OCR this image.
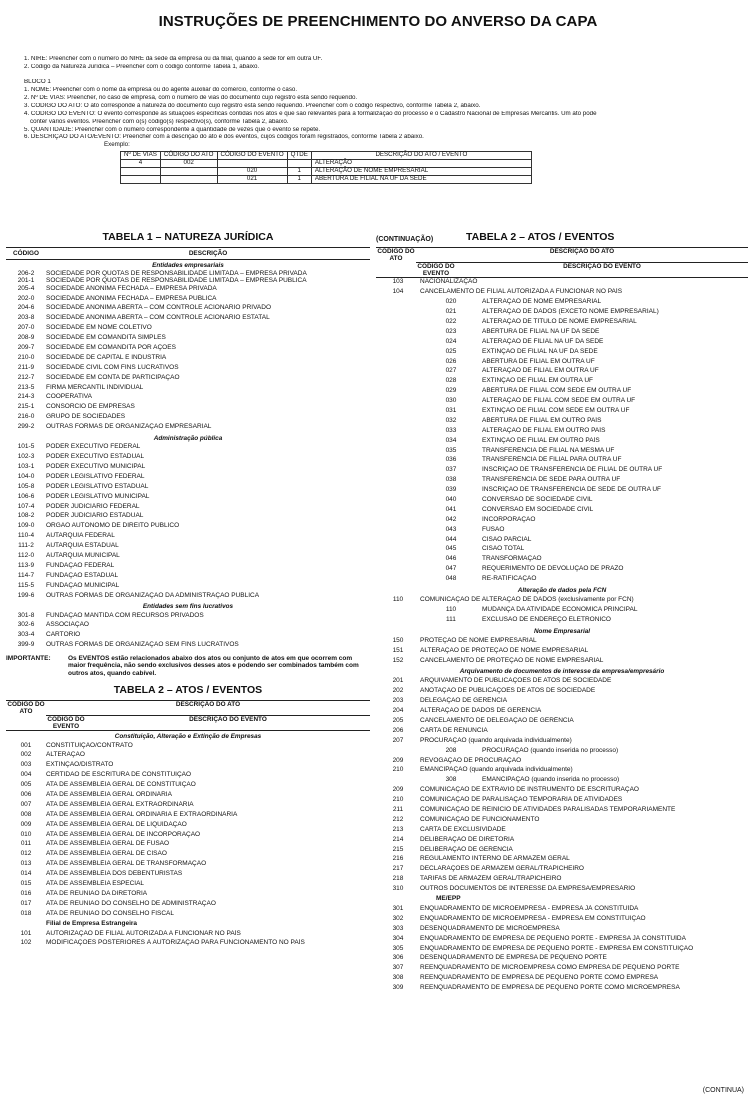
INSTRUÇÕES DE PREENCHIMENTO DO ANVERSO DA CAPA

1. NIRE: Preencher com o número do NIRE da sede da empresa ou da filial, quando a sede for em outra UF.

2. Código da Natureza Jurídica – Preencher com o código conforme Tabela 1, abaixo.

BLOCO 1

1. NOME: Preencher com o nome da empresa ou do agente auxiliar do comércio, conforme o caso.

2. Nº DE VIAS: Preencher, no caso de empresa, com o número de vias do documento cujo registro está sendo requerido.

3. CÓDIGO DO ATO: O ato corresponde à natureza do documento cujo registro está sendo requerido. Preencher com o código respectivo, conforme Tabela 2, abaixo.

4. CÓDIGO DO EVENTO: O evento corresponde às situações específicas contidas nos atos e que são relevantes para a formalização do processo e o Cadastro Nacional de Empresas Mercantis. Um ato pode

conter vários eventos. Preencher com o(s) código(s) respectivo(s), conforme Tabela 2, abaixo.

5. QUANTIDADE: Preencher com o número correspondente à quantidade de vezes que o evento se repete.

6. DESCRIÇÃO DO ATO/EVENTO: Preencher com a descrição do ato e dos eventos, cujos códigos foram registrados, conforme Tabela 2 abaixo.

Exemplo:
Nº DE VIAS	CÓDIGO DO ATO	CÓDIGO DO EVENTO	QTDE	DESCRIÇÃO DO ATO / EVENTO
4	002			ALTERAÇÃO
		020	1	ALTERAÇÃO DE NOME EMPRESARIAL
		021	1	ABERTURA DE FILIAL NA UF DA SEDE
TABELA 1 – NATUREZA JURÍDICA
CÓDIGO	DESCRIÇÃO
Entidades empresariais
206-2	SOCIEDADE POR QUOTAS DE RESPONSABILIDADE LIMITADA – EMPRESA PRIVADA
201-1	SOCIEDADE POR QUOTAS DE RESPONSABILIDADE LIMITADA – EMPRESA PÚBLICA
205-4	SOCIEDADE ANÔNIMA FECHADA – EMPRESA PRIVADA
202-0	SOCIEDADE ANÔNIMA FECHADA – EMPRESA PÚBLICA
204-6	SOCIEDADE ANÔNIMA ABERTA – COM CONTROLE ACIONÁRIO PRIVADO
203-8	SOCIEDADE ANÔNIMA ABERTA – COM CONTROLE ACIONÁRIO ESTATAL
207-0	SOCIEDADE EM NOME COLETIVO
208-9	SOCIEDADE EM COMANDITA SIMPLES
209-7	SOCIEDADE EM COMANDITA POR AÇÕES
210-0	SOCIEDADE DE CAPITAL E INDÚSTRIA
211-9	SOCIEDADE CIVIL COM FINS LUCRATIVOS
212-7	SOCIEDADE EM CONTA DE PARTICIPAÇÃO
213-5	FIRMA MERCANTIL INDIVIDUAL
214-3	COOPERATIVA
215-1	CONSÓRCIO DE EMPRESAS
216-0	GRUPO DE SOCIEDADES
299-2	OUTRAS FORMAS DE ORGANIZAÇÃO EMPRESARIAL
Administração pública
101-5	PODER EXECUTIVO FEDERAL
102-3	PODER EXECUTIVO ESTADUAL
103-1	PODER EXECUTIVO MUNICIPAL
104-0	PODER LEGISLATIVO FEDERAL
105-8	PODER LEGISLATIVO ESTADUAL
106-6	PODER LEGISLATIVO MUNICIPAL
107-4	PODER JUDICIÁRIO FEDERAL
108-2	PODER JUDICIÁRIO ESTADUAL
109-0	ÓRGÃO AUTÔNOMO DE DIREITO PÚBLICO
110-4	AUTARQUIA FEDERAL
111-2	AUTARQUIA ESTADUAL
112-0	AUTARQUIA MUNICIPAL
113-9	FUNDAÇÃO FEDERAL
114-7	FUNDAÇÃO ESTADUAL
115-5	FUNDAÇÃO MUNICIPAL
199-6	OUTRAS FORMAS DE ORGANIZAÇÃO DA ADMINISTRAÇÃO PÚBLICA
Entidades sem fins lucrativos
301-8	FUNDAÇÃO MANTIDA COM RECURSOS PRIVADOS
302-6	ASSOCIAÇÃO
303-4	CARTÓRIO
399-9	OUTRAS FORMAS DE ORGANIZAÇÃO SEM FINS LUCRATIVOS
IMPORTANTE:	Os EVENTOS estão relacionados abaixo dos atos ou conjunto de atos em que ocorrem com maior frequência, não sendo exclusivos desses atos e podendo ser combinados também com outros atos, quando cabível.
TABELA 2 – ATOS / EVENTOS
CÓDIGO DO ATO
DESCRIÇÃO DO ATO
CÓDIGO DO EVENTO
DESCRIÇÃO DO EVENTO
Constituição, Alteração e Extinção de Empresas
001	CONSTITUIÇÃO/CONTRATO
002	ALTERAÇÃO
003	EXTINÇÃO/DISTRATO
004	CERTIDÃO DE ESCRITURA DE CONSTITUIÇÃO
005	ATA DE ASSEMBLÉIA GERAL DE CONSTITUIÇÃO
006	ATA DE ASSEMBLÉIA GERAL ORDINÁRIA
007	ATA DE ASSEMBLÉIA GERAL EXTRAORDINÁRIA
008	ATA DE ASSEMBLÉIA GERAL ORDINÁRIA E EXTRAORDINÁRIA
009	ATA DE ASSEMBLÉIA GERAL DE LIQUIDAÇÃO
010	ATA DE ASSEMBLÉIA GERAL DE INCORPORAÇÃO
011	ATA DE ASSEMBLÉIA GERAL DE FUSÃO
012	ATA DE ASSEMBLÉIA GERAL DE CISÃO
013	ATA DE ASSEMBLÉIA GERAL DE TRANSFORMAÇÃO
014	ATA DE ASSEMBLÉIA DOS DEBENTURISTAS
015	ATA DE ASSEMBLÉIA ESPECIAL
016	ATA DE REUNIÃO DA DIRETORIA
017	ATA DE REUNIÃO DO CONSELHO DE ADMINISTRAÇÃO
018	ATA DE REUNIÃO DO CONSELHO FISCAL
Filial de Empresa Estrangeira
101	AUTORIZAÇÃO DE FILIAL AUTORIZADA A FUNCIONAR NO PAÍS
102	MODIFICAÇÕES POSTERIORES À AUTORIZAÇÃO PARA FUNCIONAMENTO NO PAÍS
(CONTINUAÇÃO)	TABELA 2 – ATOS / EVENTOS
CÓDIGO DO ATO
DESCRIÇÃO DO ATO
CÓDIGO DO EVENTO
DESCRIÇÃO DO EVENTO
103	NACIONALIZAÇÃO
104	CANCELAMENTO DE FILIAL AUTORIZADA A FUNCIONAR NO PAÍS
020	ALTERAÇÃO DE NOME EMPRESARIAL
021	ALTERAÇÃO DE DADOS (EXCETO NOME EMPRESARIAL)
022	ALTERAÇÃO DE TÍTULO DE NOME EMPRESARIAL
023	ABERTURA DE FILIAL NA UF DA SEDE
024	ALTERAÇÃO DE FILIAL NA UF DA SEDE
025	EXTINÇÃO DE FILIAL NA UF DA SEDE
026	ABERTURA DE FILIAL EM OUTRA UF
027	ALTERAÇÃO DE FILIAL EM OUTRA UF
028	EXTINÇÃO DE FILIAL EM OUTRA UF
029	ABERTURA DE FILIAL COM SEDE EM OUTRA UF
030	ALTERAÇÃO DE FILIAL COM SEDE EM OUTRA UF
031	EXTINÇÃO DE FILIAL COM SEDE EM OUTRA UF
032	ABERTURA DE FILIAL EM OUTRO PAÍS
033	ALTERAÇÃO DE FILIAL EM OUTRO PAÍS
034	EXTINÇÃO DE FILIAL EM OUTRO PAÍS
035	TRANSFERÊNCIA DE FILIAL NA MESMA UF
036	TRANSFERÊNCIA DE FILIAL PARA OUTRA UF
037	INSCRIÇÃO DE TRANSFERÊNCIA DE FILIAL DE OUTRA UF
038	TRANSFERÊNCIA DE SEDE PARA OUTRA UF
039	INSCRIÇÃO DE TRANSFERÊNCIA DE SEDE DE OUTRA UF
040	CONVERSÃO DE SOCIEDADE CIVIL
041	CONVERSÃO EM SOCIEDADE CIVIL
042	INCORPORAÇÃO
043	FUSÃO
044	CISÃO PARCIAL
045	CISÃO TOTAL
046	TRANSFORMAÇÃO
047	REQUERIMENTO DE DEVOLUÇÃO DE PRAZO
048	RE-RATIFICAÇÃO
Alteração de dados pela FCN
110	COMUNICAÇÃO DE ALTERAÇÃO DE DADOS (exclusivamente por FCN)
110	MUDANÇA DA ATIVIDADE ECONÔMICA PRINCIPAL
111	EXCLUSÃO DE ENDEREÇO ELETRÔNICO
Nome Empresarial
150	PROTEÇÃO DE NOME EMPRESARIAL
151	ALTERAÇÃO DE PROTEÇÃO DE NOME EMPRESARIAL
152	CANCELAMENTO DE PROTEÇÃO DE NOME EMPRESARIAL
Arquivamento de documentos de interesse da empresa/empresário
201	ARQUIVAMENTO DE PUBLICAÇÕES DE ATOS DE SOCIEDADE
202	ANOTAÇÃO DE PUBLICAÇÕES DE ATOS DE SOCIEDADE
203	DELEGAÇÃO DE GERÊNCIA
204	ALTERAÇÃO DE DADOS DE GERÊNCIA
205	CANCELAMENTO DE DELEGAÇÃO DE GERÊNCIA
206	CARTA DE RENÚNCIA
207	PROCURAÇÃO (quando arquivada individualmente)
208	PROCURAÇÃO (quando inserida no processo)
209	REVOGAÇÃO DE PROCURAÇÃO
210	EMANCIPAÇÃO (quando arquivada individualmente)
308	EMANCIPAÇÃO (quando inserida no processo)
209	COMUNICAÇÃO DE EXTRAVIO DE INSTRUMENTO DE ESCRITURAÇÃO
210	COMUNICAÇÃO DE PARALISAÇÃO TEMPORÁRIA DE ATIVIDADES
211	COMUNICAÇÃO DE REINÍCIO DE ATIVIDADES PARALISADAS TEMPORARIAMENTE
212	COMUNICAÇÃO DE FUNCIONAMENTO
213	CARTA DE EXCLUSIVIDADE
214	DELIBERAÇÃO DE DIRETORIA
215	DELIBERAÇÃO DE GERÊNCIA
216	REGULAMENTO INTERNO DE ARMAZÉM GERAL
217	DECLARAÇÕES DE ARMAZÉM GERAL/TRAPICHEIRO
218	TARIFAS DE ARMAZÉM GERAL/TRAPICHEIRO
310	OUTROS DOCUMENTOS DE INTERESSE DA EMPRESA/EMPRESÁRIO
ME/EPP
301	ENQUADRAMENTO DE MICROEMPRESA - EMPRESA JÁ CONSTITUÍDA
302	ENQUADRAMENTO DE MICROEMPRESA - EMPRESA EM CONSTITUIÇÃO
303	DESENQUADRAMENTO DE MICROEMPRESA
304	ENQUADRAMENTO DE EMPRESA DE PEQUENO PORTE - EMPRESA JÁ CONSTITUÍDA
305	ENQUADRAMENTO DE EMPRESA DE PEQUENO PORTE - EMPRESA EM CONSTITUIÇÃO
306	DESENQUADRAMENTO DE EMPRESA DE PEQUENO PORTE
307	REENQUADRAMENTO DE MICROEMPRESA COMO EMPRESA DE PEQUENO PORTE
308	REENQUADRAMENTO DE EMPRESA DE PEQUENO PORTE COMO EMPRESA
309	REENQUADRAMENTO DE EMPRESA DE PEQUENO PORTE COMO MICROEMPRESA
(CONTINUA)
